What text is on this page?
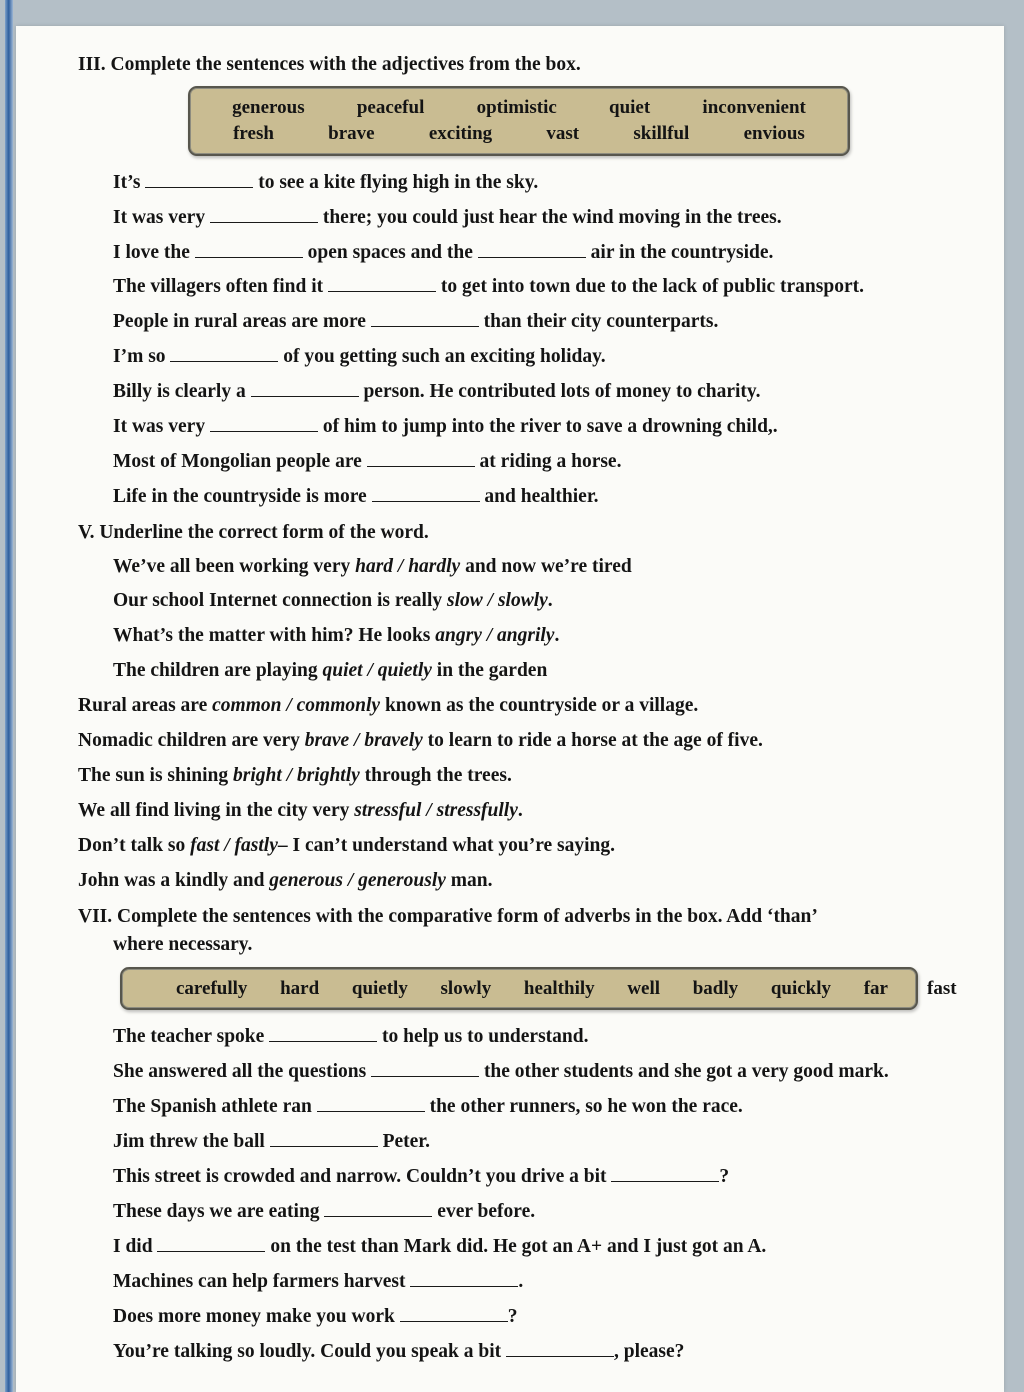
III. Complete the sentences with the adjectives from the box.
generous	peaceful	optimistic	quiet	inconvenient
fresh	brave	exciting	vast	skillful	envious
It’s	to see a kite flying high in the sky.
It was very	there; you could just hear the wind moving in the trees.
I love the	open spaces and the	air in the countryside.
The villagers often find it	to get into town due to the lack of public transport.
People in rural areas are more	than their city counterparts.
I’m so	of you getting such an exciting holiday.
Billy is clearly a	person. He contributed lots of money to charity.
It was very	of him to jump into the river to save a drowning child,.
Most of Mongolian people are	at riding a horse.
Life in the countryside is more	and healthier.
V. Underline the correct form of the word.
We’ve all been working very hard / hardly and now we’re tired
Our school Internet connection is really slow / slowly.
What’s the matter with him? He looks angry / angrily.
The children are playing quiet / quietly in the garden
Rural areas are common / commonly known as the countryside or a village.
Nomadic children are very brave / bravely to learn to ride a horse at the age of five.
The sun is shining bright / brightly through the trees.
We all find living in the city very stressful / stressfully.
Don’t talk so fast / fastly– I can’t understand what you’re saying.
John was a kindly and generous / generously man.
VII. Complete the sentences with the comparative form of adverbs in the box. Add ‘than’
where necessary.
carefully hard quietly slowly healthily well badly quickly far fast
The teacher spoke	to help us to understand.
She answered all the questions	the other students and she got a very good mark.
The Spanish athlete ran	the other runners, so he won the race.
Jim threw the ball	Peter.
This street is crowded and narrow. Couldn’t you drive a bit	?
These days we are eating	ever before.
I did	on the test than Mark did. He got an A+ and I just got an A.
Machines can help farmers harvest	.
Does more money make you work	?
You’re talking so loudly. Could you speak a bit	, please?
